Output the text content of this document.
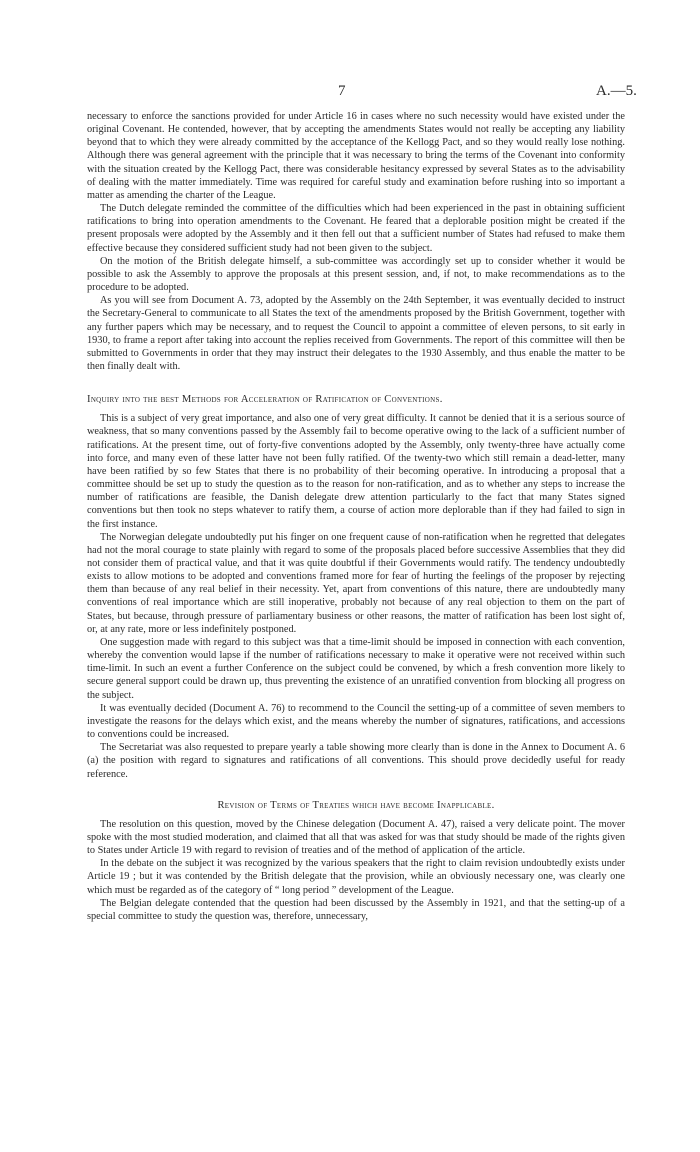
7	A.—5.

necessary to enforce the sanctions provided for under Article 16 in cases where no such necessity would have existed under the original Covenant. He contended, however, that by accepting the amendments States would not really be accepting any liability beyond that to which they were already committed by the acceptance of the Kellogg Pact, and so they would really lose nothing. Although there was general agreement with the principle that it was necessary to bring the terms of the Covenant into conformity with the situation created by the Kellogg Pact, there was considerable hesitancy expressed by several States as to the advisability of dealing with the matter immediately. Time was required for careful study and examination before rushing into so important a matter as amending the charter of the League.

The Dutch delegate reminded the committee of the difficulties which had been experienced in the past in obtaining sufficient ratifications to bring into operation amendments to the Covenant. He feared that a deplorable position might be created if the present proposals were adopted by the Assembly and it then fell out that a sufficient number of States had refused to make them effective because they considered sufficient study had not been given to the subject.

On the motion of the British delegate himself, a sub-committee was accordingly set up to consider whether it would be possible to ask the Assembly to approve the proposals at this present session, and, if not, to make recommendations as to the procedure to be adopted.

As you will see from Document A. 73, adopted by the Assembly on the 24th September, it was eventually decided to instruct the Secretary-General to communicate to all States the text of the amendments proposed by the British Government, together with any further papers which may be necessary, and to request the Council to appoint a committee of eleven persons, to sit early in 1930, to frame a report after taking into account the replies received from Governments. The report of this committee will then be submitted to Governments in order that they may instruct their delegates to the 1930 Assembly, and thus enable the matter to be then finally dealt with.

Inquiry into the best Methods for Acceleration of Ratification of Conventions.

This is a subject of very great importance, and also one of very great difficulty. It cannot be denied that it is a serious source of weakness, that so many conventions passed by the Assembly fail to become operative owing to the lack of a sufficient number of ratifications. At the present time, out of forty-five conventions adopted by the Assembly, only twenty-three have actually come into force, and many even of these latter have not been fully ratified. Of the twenty-two which still remain a dead-letter, many have been ratified by so few States that there is no probability of their becoming operative. In introducing a proposal that a committee should be set up to study the question as to the reason for non-ratification, and as to whether any steps to increase the number of ratifications are feasible, the Danish delegate drew attention particularly to the fact that many States signed conventions but then took no steps whatever to ratify them, a course of action more deplorable than if they had failed to sign in the first instance.

The Norwegian delegate undoubtedly put his finger on one frequent cause of non-ratification when he regretted that delegates had not the moral courage to state plainly with regard to some of the proposals placed before successive Assemblies that they did not consider them of practical value, and that it was quite doubtful if their Governments would ratify. The tendency undoubtedly exists to allow motions to be adopted and conventions framed more for fear of hurting the feelings of the proposer by rejecting them than because of any real belief in their necessity. Yet, apart from conventions of this nature, there are undoubtedly many conventions of real importance which are still inoperative, probably not because of any real objection to them on the part of States, but because, through pressure of parliamentary business or other reasons, the matter of ratification has been lost sight of, or, at any rate, more or less indefinitely postponed.

One suggestion made with regard to this subject was that a time-limit should be imposed in connection with each convention, whereby the convention would lapse if the number of ratifications necessary to make it operative were not received within such time-limit. In such an event a further Conference on the subject could be convened, by which a fresh convention more likely to secure general support could be drawn up, thus preventing the existence of an unratified convention from blocking all progress on the subject.

It was eventually decided (Document A. 76) to recommend to the Council the setting-up of a committee of seven members to investigate the reasons for the delays which exist, and the means whereby the number of signatures, ratifications, and accessions to conventions could be increased.

The Secretariat was also requested to prepare yearly a table showing more clearly than is done in the Annex to Document A. 6 (a) the position with regard to signatures and ratifications of all conventions. This should prove decidedly useful for ready reference.

Revision of Terms of Treaties which have become Inapplicable.

The resolution on this question, moved by the Chinese delegation (Document A. 47), raised a very delicate point. The mover spoke with the most studied moderation, and claimed that all that was asked for was that study should be made of the rights given to States under Article 19 with regard to revision of treaties and of the method of application of the article.

In the debate on the subject it was recognized by the various speakers that the right to claim revision undoubtedly exists under Article 19 ; but it was contended by the British delegate that the provision, while an obviously necessary one, was clearly one which must be regarded as of the category of “ long period ” development of the League.

The Belgian delegate contended that the question had been discussed by the Assembly in 1921, and that the setting-up of a special committee to study the question was, therefore, unnecessary,
